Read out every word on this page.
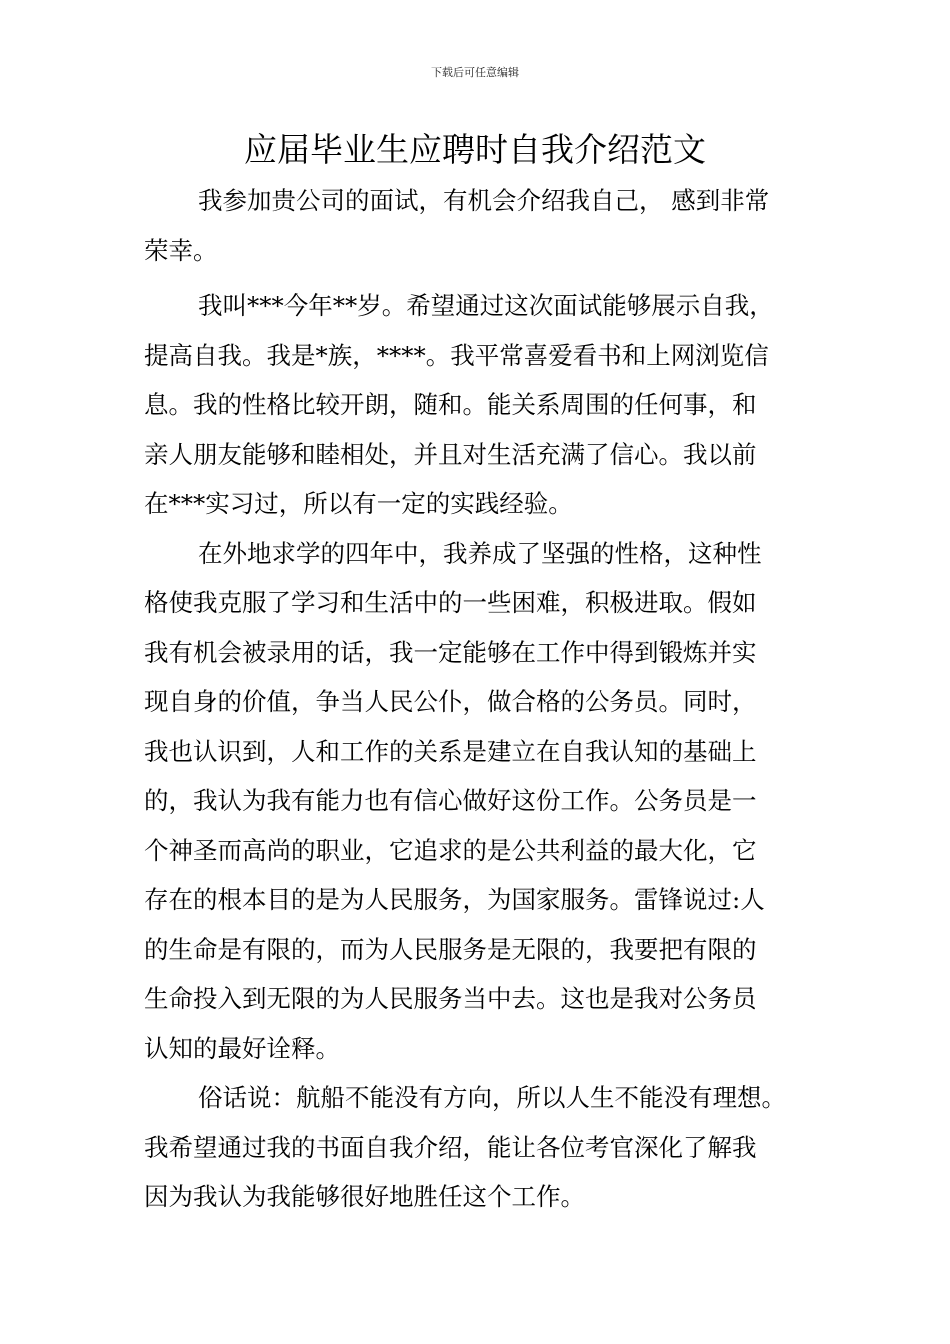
下载后可任意编辑
应届毕业生应聘时自我介绍范文
我参加贵公司的面试，有机会介绍我自己， 感到非常
荣幸。
我叫***今年**岁。希望通过这次面试能够展示自我，
提高自我。我是*族，****。我平常喜爱看书和上网浏览信
息。我的性格比较开朗，随和。能关系周围的任何事，和
亲人朋友能够和睦相处，并且对生活充满了信心。我以前
在***实习过，所以有一定的实践经验。
在外地求学的四年中，我养成了坚强的性格，这种性
格使我克服了学习和生活中的一些困难，积极进取。假如
我有机会被录用的话，我一定能够在工作中得到锻炼并实
现自身的价值，争当人民公仆，做合格的公务员。同时，
我也认识到，人和工作的关系是建立在自我认知的基础上
的，我认为我有能力也有信心做好这份工作。公务员是一
个神圣而高尚的职业，它追求的是公共利益的最大化，它
存在的根本目的是为人民服务，为国家服务。雷锋说过:人
的生命是有限的，而为人民服务是无限的，我要把有限的
生命投入到无限的为人民服务当中去。这也是我对公务员
认知的最好诠释。
俗话说：航船不能没有方向，所以人生不能没有理想。
我希望通过我的书面自我介绍，能让各位考官深化了解我
因为我认为我能够很好地胜任这个工作。
